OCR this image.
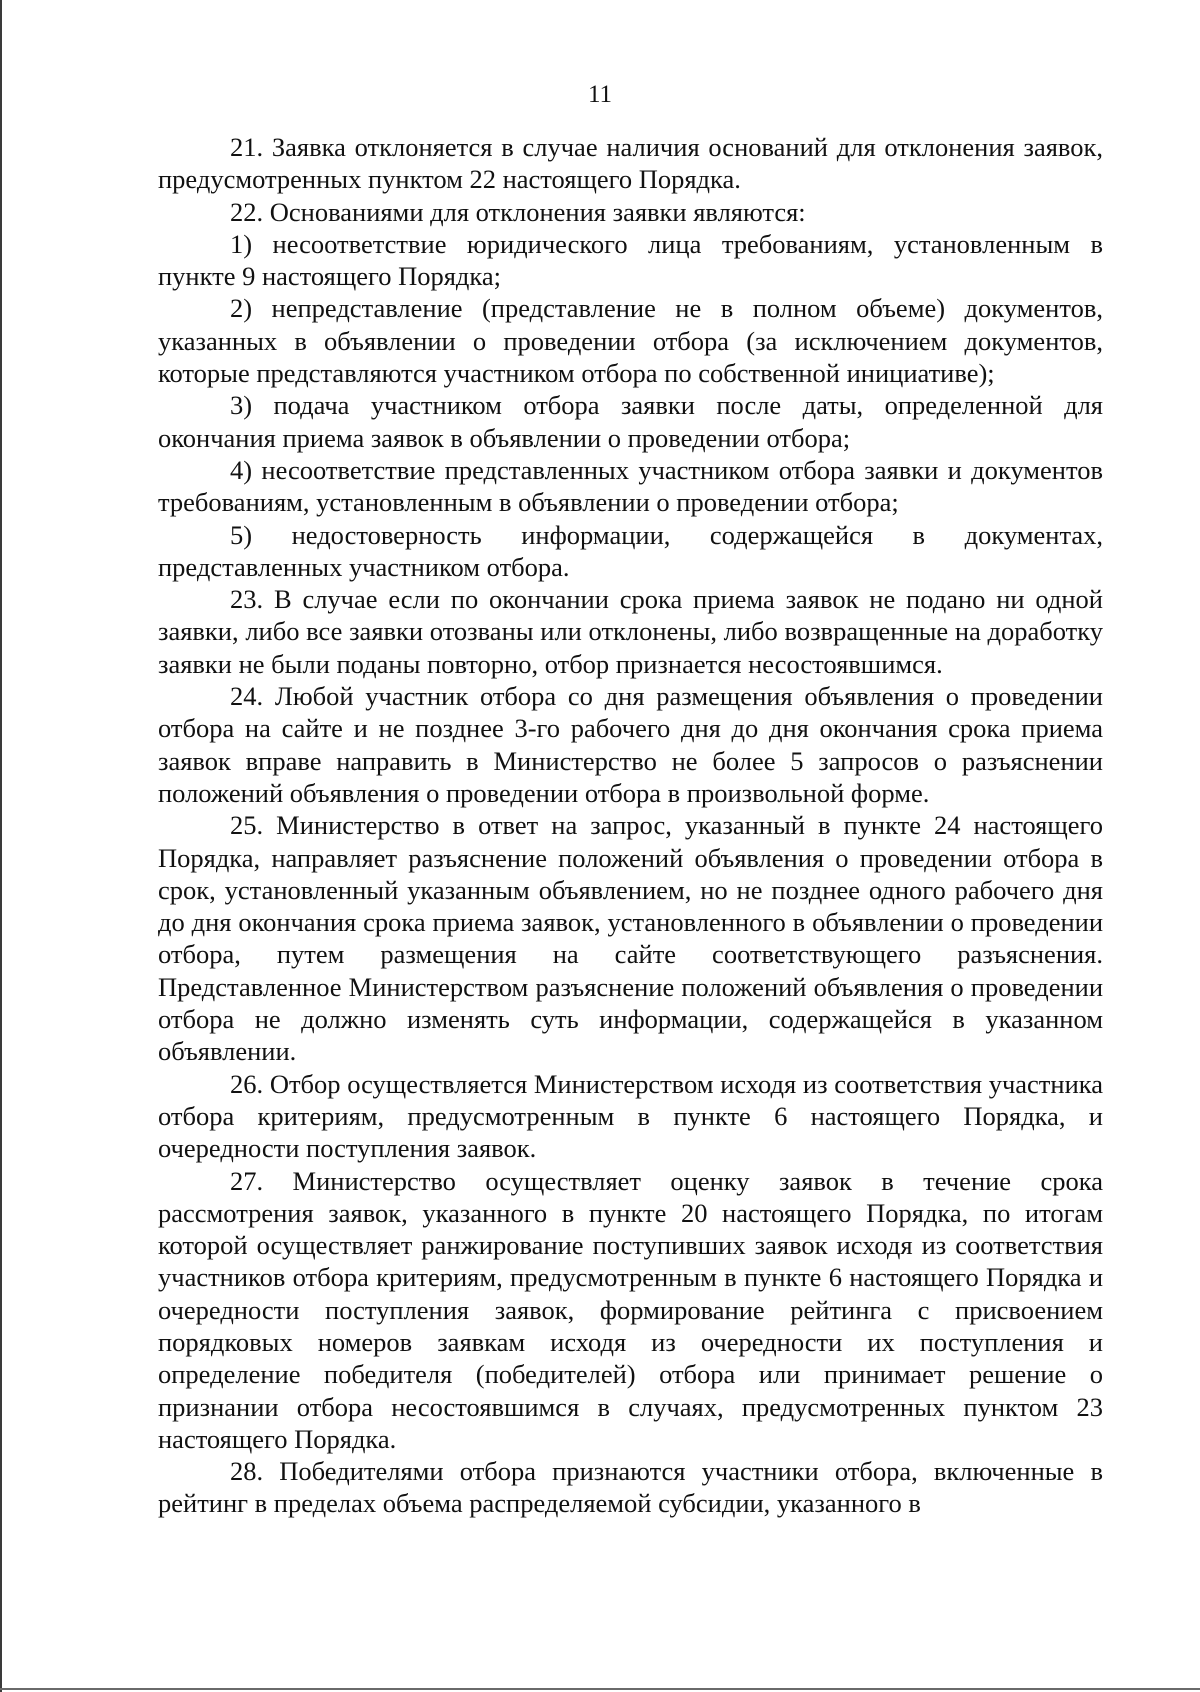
11

21. Заявка отклоняется в случае наличия оснований для отклонения заявок, предусмотренных пунктом 22 настоящего Порядка.

22. Основаниями для отклонения заявки являются:

1) несоответствие юридического лица требованиям, установленным в пункте 9 настоящего Порядка;

2) непредставление (представление не в полном объеме) документов, указанных в объявлении о проведении отбора (за исключением документов, которые представляются участником отбора по собственной инициативе);

3) подача участником отбора заявки после даты, определенной для окончания приема заявок в объявлении о проведении отбора;

4) несоответствие представленных участником отбора заявки и документов требованиям, установленным в объявлении о проведении отбора;

5) недостоверность информации, содержащейся в документах, представленных участником отбора.

23. В случае если по окончании срока приема заявок не подано ни одной заявки, либо все заявки отозваны или отклонены, либо возвращенные на доработку заявки не были поданы повторно, отбор признается несостоявшимся.

24. Любой участник отбора со дня размещения объявления о проведении отбора на сайте и не позднее 3-го рабочего дня до дня окончания срока приема заявок вправе направить в Министерство не более 5 запросов о разъяснении положений объявления о проведении отбора в произвольной форме.

25. Министерство в ответ на запрос, указанный в пункте 24 настоящего Порядка, направляет разъяснение положений объявления о проведении отбора в срок, установленный указанным объявлением, но не позднее одного рабочего дня до дня окончания срока приема заявок, установленного в объявлении о проведении отбора, путем размещения на сайте соответствующего разъяснения. Представленное Министерством разъяснение положений объявления о проведении отбора не должно изменять суть информации, содержащейся в указанном объявлении.

26. Отбор осуществляется Министерством исходя из соответствия участника отбора критериям, предусмотренным в пункте 6 настоящего Порядка, и очередности поступления заявок.

27. Министерство осуществляет оценку заявок в течение срока рассмотрения заявок, указанного в пункте 20 настоящего Порядка, по итогам которой осуществляет ранжирование поступивших заявок исходя из соответствия участников отбора критериям, предусмотренным в пункте 6 настоящего Порядка и очередности поступления заявок, формирование рейтинга с присвоением порядковых номеров заявкам исходя из очередности их поступления и определение победителя (победителей) отбора или принимает решение о признании отбора несостоявшимся в случаях, предусмотренных пунктом 23 настоящего Порядка.

28. Победителями отбора признаются участники отбора, включенные в рейтинг в пределах объема распределяемой субсидии, указанного в
